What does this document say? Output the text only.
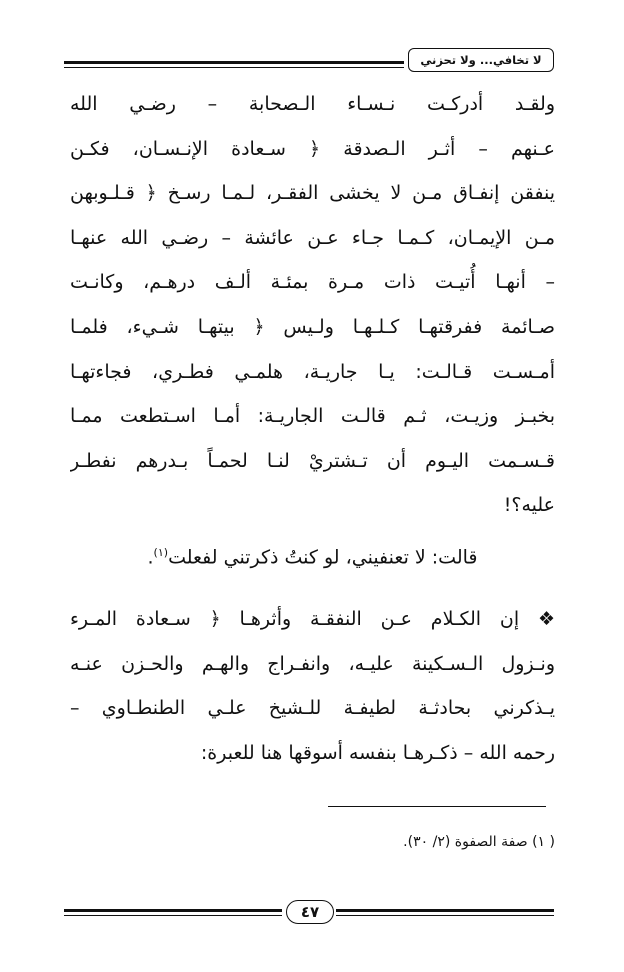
لا تخافي... ولا تحزني
ولقـد أدركـت نـسـاء الـصحابة – رضـي الله
عـنهم – أثـر الـصدقة ﴿ سـعادة الإنـسـان، فكـن
ينفقن إنفـاق مـن لا يخشى الفقـر، لـمـا رسـخ ﴿ قـلـوبهن
مـن الإيمـان، كـمـا جـاء عـن عائشة – رضـي الله عنهـا
– أنهـا أُتيـت ذات مـرة بمئـة ألـف درهـم، وكانـت
صـائمة ففرقتهـا كـلـهـا ولـيس ﴿ بيتهـا شـيء، فلمـا
أمـسـت قـالـت: يـا جاريـة، هلمـي فطـري، فجاءتهـا
بخبـز وزيـت، ثـم قالـت الجاريـة: أمـا اسـتطعت ممـا
قـسـمت اليـوم أن تـشتريْ لنـا لحمـاً بـدرهم نفطـر
عليه؟!
قالت: لا تعنفيني، لو كنتُ ذكرتني لفعلت$^{(١)}$.
❖ إن الكـلام عـن النفقـة وأثرهـا ﴿ سـعادة المـرء
ونـزول الـسـكينة عليـه، وانفـراج والهـم والحـزن عنـه
يـذكرني بحادثـة لطيفـة للـشيخ علـي الطنطـاوي –
رحمه الله – ذكـرهـا بنفسه أسوقها هنا للعبرة:
( ١) صفة الصفوة (٢/ ٣٠).
٤٧
